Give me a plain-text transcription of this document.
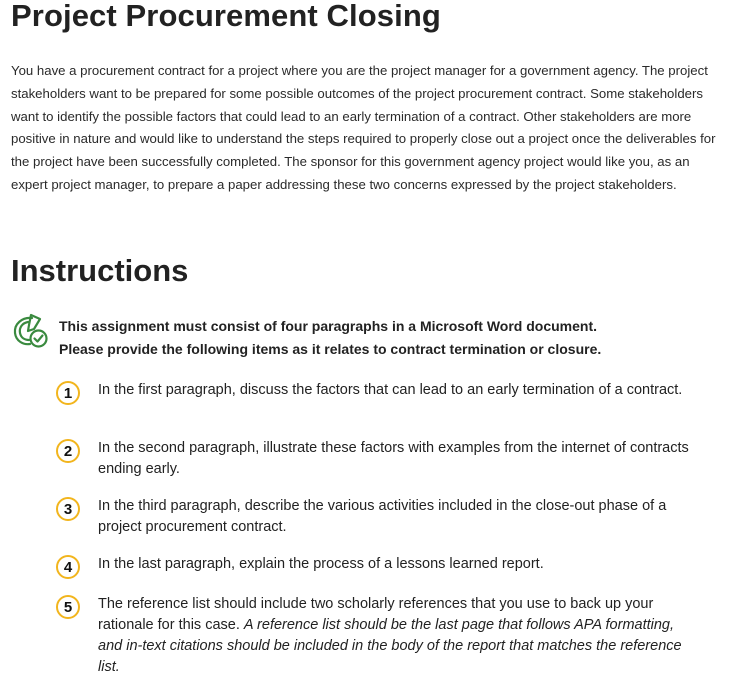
Project Procurement Closing

You have a procurement contract for a project where you are the project manager for a government agency. The project stakeholders want to be prepared for some possible outcomes of the project procurement contract. Some stakeholders want to identify the possible factors that could lead to an early termination of a contract. Other stakeholders are more positive in nature and would like to understand the steps required to properly close out a project once the deliverables for the project have been successfully completed. The sponsor for this government agency project would like you, as an expert project manager, to prepare a paper addressing these two concerns expressed by the project stakeholders.

Instructions

This assignment must consist of four paragraphs in a Microsoft Word document.
Please provide the following items as it relates to contract termination or closure.

1	In the first paragraph, discuss the factors that can lead to an early termination of a contract.

2	In the second paragraph, illustrate these factors with examples from the internet of contracts ending early.

3	In the third paragraph, describe the various activities included in the close-out phase of a project procurement contract.

4	In the last paragraph, explain the process of a lessons learned report.

5	The reference list should include two scholarly references that you use to back up your rationale for this case. A reference list should be the last page that follows APA formatting, and in-text citations should be included in the body of the report that matches the reference list.
